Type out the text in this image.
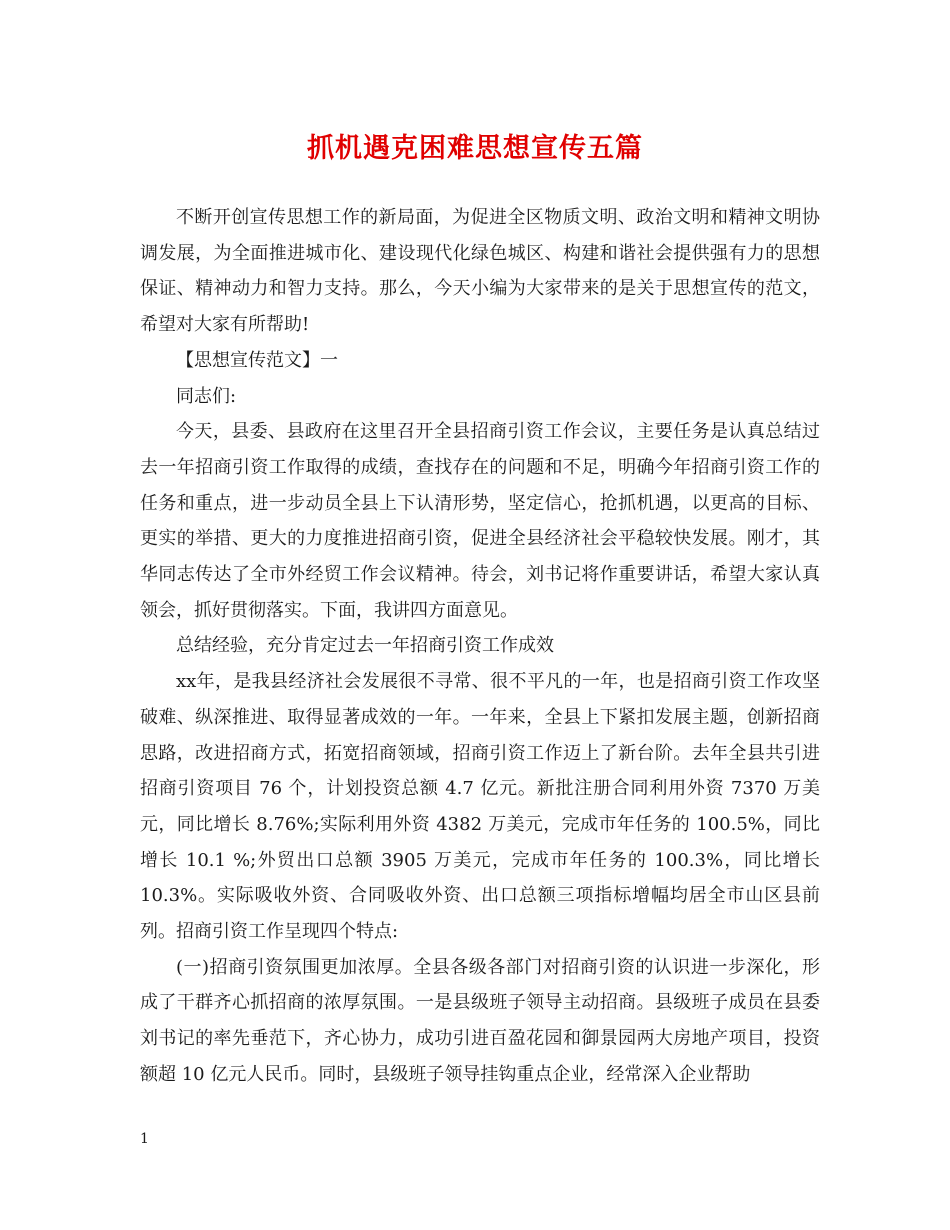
抓机遇克困难思想宣传五篇

不断开创宣传思想工作的新局面，为促进全区物质文明、政治文明和精神文明协调发展，为全面推进城市化、建设现代化绿色城区、构建和谐社会提供强有力的思想保证、精神动力和智力支持。那么，今天小编为大家带来的是关于思想宣传的范文，希望对大家有所帮助!

【思想宣传范文】一

同志们:

今天，县委、县政府在这里召开全县招商引资工作会议，主要任务是认真总结过去一年招商引资工作取得的成绩，查找存在的问题和不足，明确今年招商引资工作的任务和重点，进一步动员全县上下认清形势，坚定信心，抢抓机遇，以更高的目标、更实的举措、更大的力度推进招商引资，促进全县经济社会平稳较快发展。刚才，其华同志传达了全市外经贸工作会议精神。待会，刘书记将作重要讲话，希望大家认真领会，抓好贯彻落实。下面，我讲四方面意见。

总结经验，充分肯定过去一年招商引资工作成效

xx年，是我县经济社会发展很不寻常、很不平凡的一年，也是招商引资工作攻坚破难、纵深推进、取得显著成效的一年。一年来，全县上下紧扣发展主题，创新招商思路，改进招商方式，拓宽招商领域，招商引资工作迈上了新台阶。去年全县共引进招商引资项目 76 个，计划投资总额 4.7 亿元。新批注册合同利用外资 7370 万美元，同比增长 8.76%;实际利用外资 4382 万美元，完成市年任务的 100.5%，同比增长 10.1 %;外贸出口总额 3905 万美元，完成市年任务的 100.3%，同比增长 10.3%。实际吸收外资、合同吸收外资、出口总额三项指标增幅均居全市山区县前列。招商引资工作呈现四个特点:

(一)招商引资氛围更加浓厚。全县各级各部门对招商引资的认识进一步深化，形成了干群齐心抓招商的浓厚氛围。一是县级班子领导主动招商。县级班子成员在县委刘书记的率先垂范下，齐心协力，成功引进百盈花园和御景园两大房地产项目，投资额超 10 亿元人民币。同时，县级班子领导挂钩重点企业，经常深入企业帮助

1
